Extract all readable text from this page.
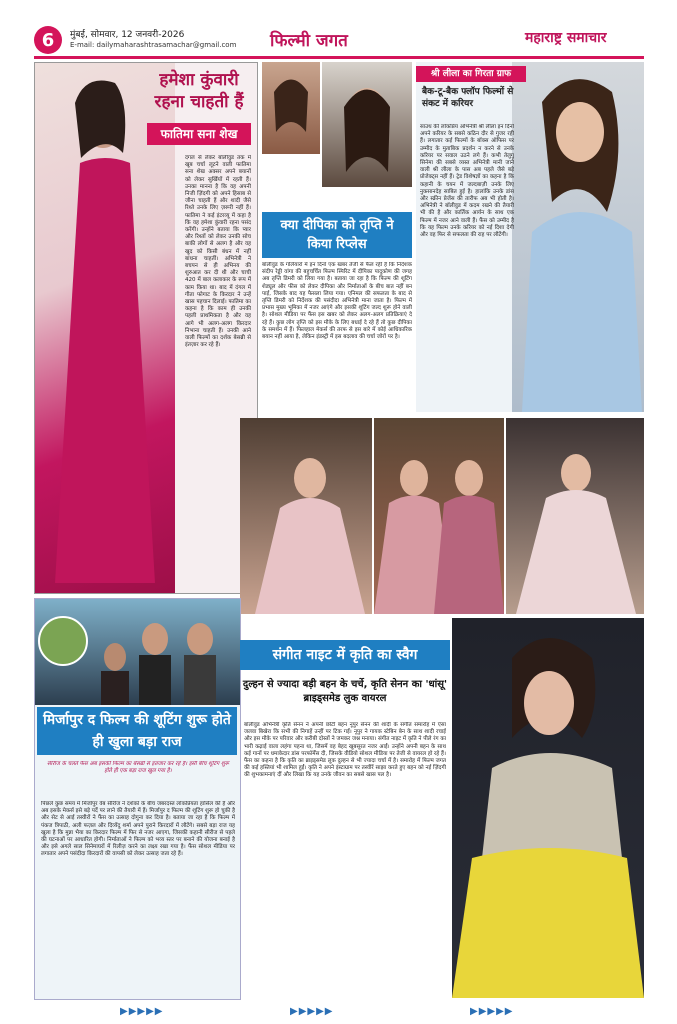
6	मुंबई, सोमवार, 12 जनवरी-2026
E-mail: dailymaharashtrasamachar@gmail.com फिल्मी जगत	महाराष्ट्र समाचार
हमेशा कुंवारी रहना चाहती हैं
फातिमा सना शेख
दंगल से लेकर बॉलीवुड तक में खूब चर्चा लूटने वाली फातिमा सना शेख अक्सर अपने बयानों को लेकर सुर्खियों में रहती हैं। उनका मानना है कि वह अपनी निजी ज़िंदगी को अपने हिसाब से जीना चाहती हैं और शादी जैसे रिश्ते उनके लिए ज़रूरी नहीं हैं। फातिमा ने कई इंटरव्यू में कहा है कि वह हमेशा कुंवारी रहना पसंद करेंगी। उन्होंने बताया कि प्यार और रिश्तों को लेकर उनकी सोच बाकी लोगों से अलग है और वह खुद को किसी बंधन में नहीं बांधना चाहतीं। अभिनेत्री ने बचपन से ही अभिनय की शुरुआत कर दी थी और चाची 420 में बाल कलाकार के रूप में काम किया था। बाद में दंगल में गीता फोगाट के किरदार ने उन्हें खास पहचान दिलाई। फातिमा का कहना है कि काम ही उनकी पहली प्राथमिकता है और वह आगे भी अलग-अलग किरदार निभाना चाहती हैं। उनकी आने वाली फिल्मों का दर्शक बेसब्री से इंतज़ार कर रहे हैं।
क्या दीपिका को तृप्ति ने किया रिप्लेस
बॉलीवुड के गलियारों में इन दिनों एक खबर तेजी से फैल रही है कि निर्देशक संदीप रेड्डी वांगा की बहुचर्चित फिल्म स्पिरिट में दीपिका पादुकोण की जगह अब तृप्ति डिमरी को लिया गया है। बताया जा रहा है कि फिल्म की शूटिंग शेड्यूल और फीस को लेकर दीपिका और निर्माताओं के बीच बात नहीं बन पाई, जिसके बाद यह फैसला लिया गया। एनिमल की सफलता के बाद से तृप्ति डिमरी को निर्देशक की पसंदीदा अभिनेत्री माना जाता है। फिल्म में प्रभास मुख्य भूमिका में नजर आएंगे और इसकी शूटिंग जल्द शुरू होने वाली है। सोशल मीडिया पर फैंस इस खबर को लेकर अलग-अलग प्रतिक्रियाएं दे रहे हैं। कुछ लोग तृप्ति को इस मौके के लिए बधाई दे रहे हैं तो कुछ दीपिका के समर्थन में हैं। फिलहाल मेकर्स की तरफ से इस बारे में कोई आधिकारिक बयान नहीं आया है, लेकिन इंडस्ट्री में इस बदलाव की चर्चा जोरों पर है।
श्री लीला का गिरता ग्राफ
बैक-टू-बैक फ्लॉप फिल्मों से संकट में करियर
साउथ की लोकप्रिय अभिनेत्री श्री लीला इन दिनों अपने करियर के सबसे कठिन दौर से गुजर रही हैं। लगातार कई फिल्मों के बॉक्स ऑफिस पर उम्मीद के मुताबिक प्रदर्शन न करने से उनके करियर पर सवाल उठने लगे हैं। कभी तेलुगु सिनेमा की सबसे व्यस्त अभिनेत्री मानी जाने वाली श्री लीला के पास अब पहले जैसे बड़े प्रोजेक्ट्स नहीं हैं। ट्रेड विशेषज्ञों का कहना है कि कहानी के चयन में जल्दबाज़ी उनके लिए नुकसानदेह साबित हुई है। हालांकि उनके डांस और स्क्रीन प्रेजेंस की तारीफ अब भी होती है। अभिनेत्री ने बॉलीवुड में कदम रखने की तैयारी भी की है और कार्तिक आर्यन के साथ एक फिल्म में नजर आने वाली हैं। फैंस को उम्मीद है कि यह फिल्म उनके करियर को नई दिशा देगी और वह फिर से सफलता की राह पर लौटेंगी।
मिर्जापुर द फिल्म की शूटिंग शुरू होते ही खुला बड़ा राज
सीरीज के चलते फैंस अब इसकी फिल्म का बेसब्री से इंतजार कर रहे हैं। इसी बीच शूटिंग शुरू होते ही एक बड़ा राज खुल गया है।
पिछले कुछ समय में मिर्जापुर वेब सीरीज ने दर्शकों के बीच जबरदस्त लोकप्रियता हासिल की है और अब इसके मेकर्स इसे बड़े पर्दे पर लाने की तैयारी में हैं। मिर्जापुर द फिल्म की शूटिंग शुरू हो चुकी है और सेट से आई तस्वीरों ने फैंस का उत्साह दोगुना कर दिया है। बताया जा रहा है कि फिल्म में पंकज त्रिपाठी, अली फज़ल और दिव्येंदु शर्मा अपने पुराने किरदारों में लौटेंगे। सबसे बड़ा राज यह खुला है कि मुन्ना भैया का किरदार फिल्म में फिर से नजर आएगा, जिसकी कहानी सीरीज से पहले की घटनाओं पर आधारित होगी। निर्माताओं ने फिल्म को भव्य स्तर पर बनाने की योजना बनाई है और इसे अगले साल सिनेमाघरों में रिलीज़ करने का लक्ष्य रखा गया है। फैंस सोशल मीडिया पर लगातार अपने पसंदीदा किरदारों की वापसी को लेकर उत्साह जता रहे हैं।
संगीत नाइट में कृति का स्वैग
दुल्हन से ज्यादा बड़ी बहन के चर्चे, कृति सेनन का 'धांसू' ब्राइड्समेड लुक वायरल
बॉलीवुड अभिनेत्री कृति सेनन ने अपनी छोटी बहन नूपुर सेनन की शादी के संगीत समारोह में ऐसा जलवा बिखेरा कि सभी की निगाहें उन्हीं पर टिक गईं। नूपुर ने गायक स्टेबिन बेन के साथ शादी रचाई और इस मौके पर परिवार और करीबी दोस्तों ने जमकर जश्न मनाया। संगीत नाइट में कृति ने पीले रंग का भारी कढ़ाई वाला लहंगा पहना था, जिसमें वह बेहद खूबसूरत नजर आईं। उन्होंने अपनी बहन के साथ कई गानों पर धमाकेदार डांस परफॉर्मेंस दी, जिसके वीडियो सोशल मीडिया पर तेजी से वायरल हो रहे हैं। फैंस का कहना है कि कृति का ब्राइड्समेड लुक दुल्हन से भी ज्यादा चर्चा में है। समारोह में फिल्म जगत की कई हस्तियां भी शामिल हुईं। कृति ने अपने इंस्टाग्राम पर तस्वीरें साझा करते हुए बहन को नई ज़िंदगी की शुभकामनाएं दीं और लिखा कि यह उनके जीवन का सबसे खास पल है।
▶▶▶▶▶	▶▶▶▶▶	▶▶▶▶▶
